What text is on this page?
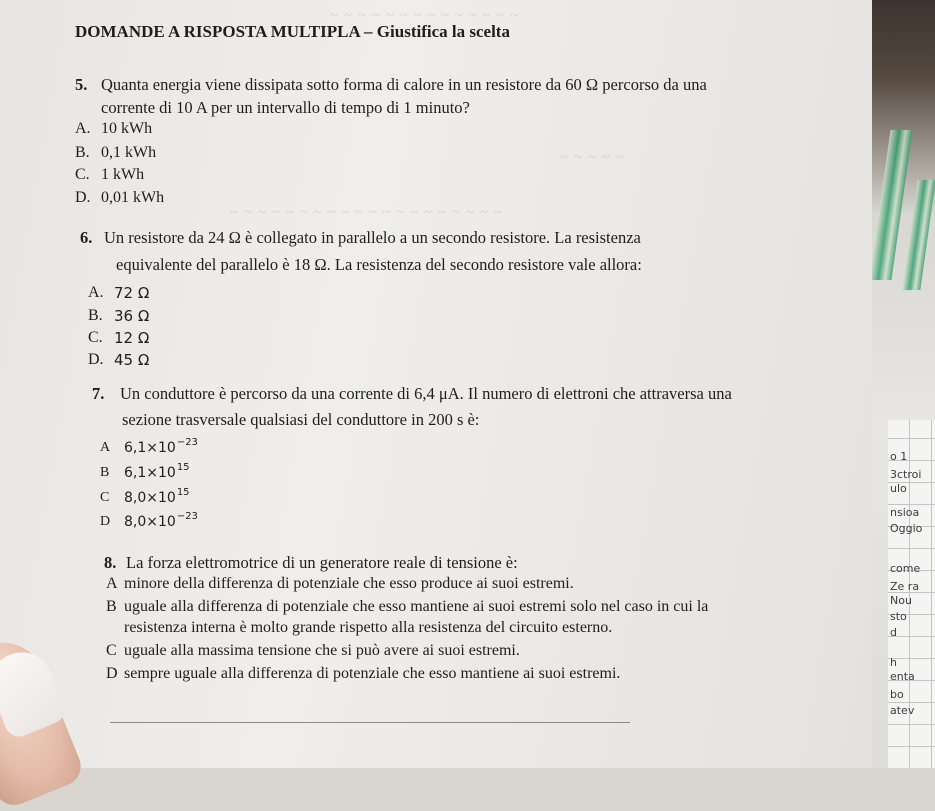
~ ~ ~ ~ ~ ~ ~ ~ ~ ~ ~ ~ ~ ~
~ ~ ~ ~ ~
~ ~ ~ ~ ~ ~ ~ ~ ~ ~ ~ ~ ~ ~ ~ ~ ~ ~ ~ ~
DOMANDE A RISPOSTA MULTIPLA – Giustifica la scelta
5. Quanta energia viene dissipata sotto forma di calore in un resistore da 60 Ω percorso da una
corrente di 10 A per un intervallo di tempo di 1 minuto?
A. 10 kWh
B. 0,1 kWh
C. 1 kWh
D. 0,01 kWh
6. Un resistore da 24 Ω è collegato in parallelo a un secondo resistore. La resistenza
equivalente del parallelo è 18 Ω. La resistenza del secondo resistore vale allora:
A. 72 Ω
B. 36 Ω
C. 12 Ω
D. 45 Ω
7. Un conduttore è percorso da una corrente di 6,4 μA. Il numero di elettroni che attraversa una
sezione trasversale qualsiasi del conduttore in 200 s è:
A $6,1\times 10^{-23}$
B $6,1\times 10^{15}$
C $8,0\times 10^{15}$
D $8,0\times 10^{-23}$
8. La forza elettromotrice di un generatore reale di tensione è:
A minore della differenza di potenziale che esso produce ai suoi estremi.
B uguale alla differenza di potenziale che esso mantiene ai suoi estremi solo nel caso in cui la
resistenza interna è molto grande rispetto alla resistenza del circuito esterno.
C uguale alla massima tensione che si può avere ai suoi estremi.
D sempre uguale alla differenza di potenziale che esso mantiene ai suoi estremi.
o 1
3ctroi
ulo
nsioa
Oggio
come
Ze ra
Nou
sto
d
h
enta
bo
atev
